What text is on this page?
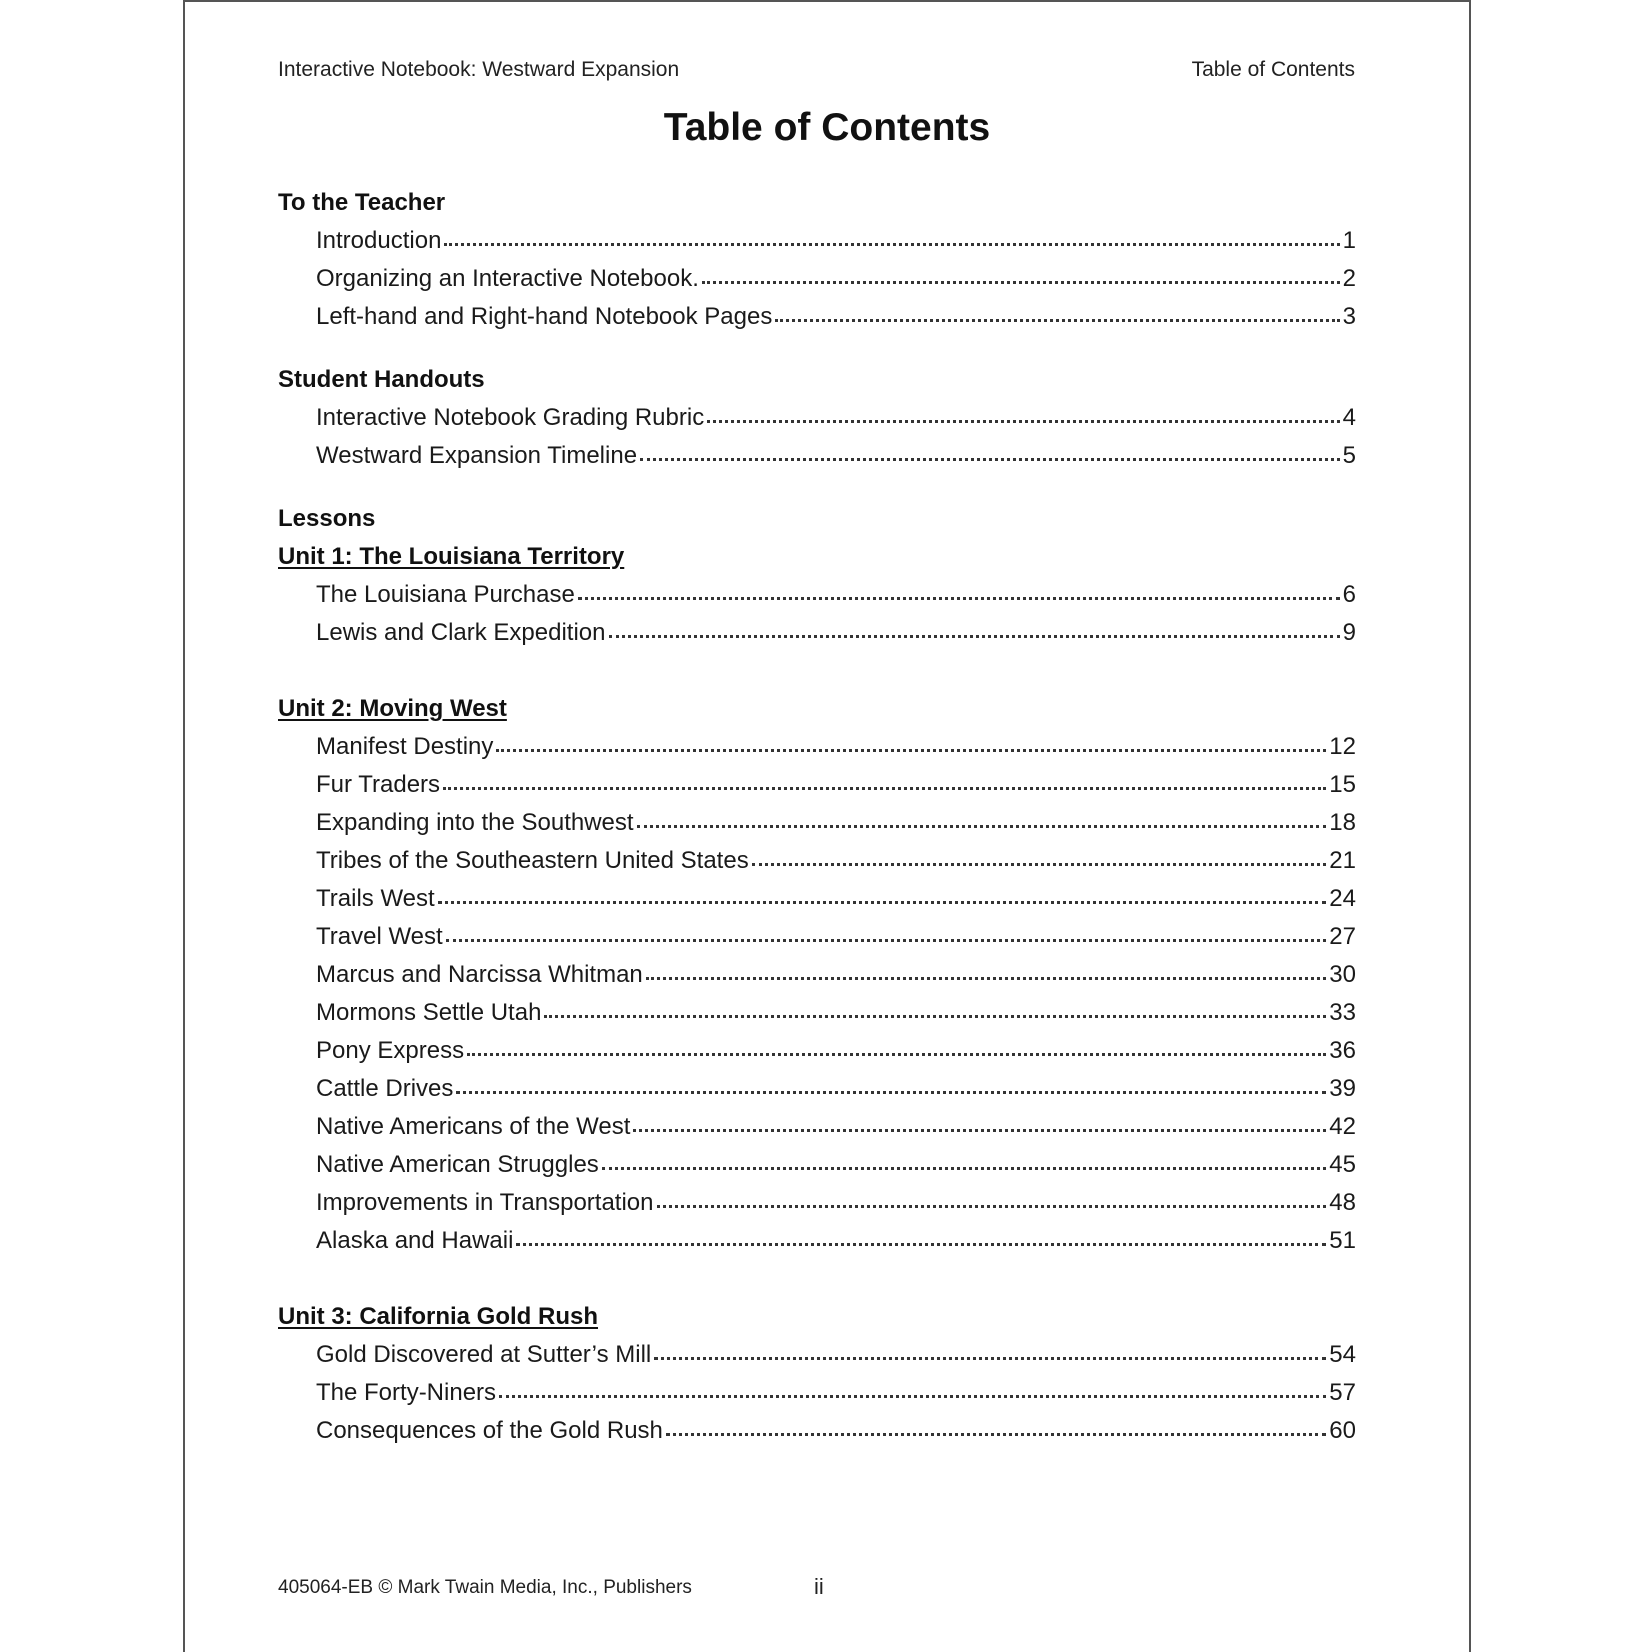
Interactive Notebook: Westward Expansion	Table of Contents
Table of Contents
To the Teacher
Introduction	1
Organizing an Interactive Notebook.	2
Left-hand and Right-hand Notebook Pages	3
Student Handouts
Interactive Notebook Grading Rubric	4
Westward Expansion Timeline	5
Lessons
Unit 1: The Louisiana Territory
The Louisiana Purchase	6
Lewis and Clark Expedition	9
Unit 2: Moving West
Manifest Destiny	12
Fur Traders	15
Expanding into the Southwest	18
Tribes of the Southeastern United States	21
Trails West	24
Travel West	27
Marcus and Narcissa Whitman	30
Mormons Settle Utah	33
Pony Express	36
Cattle Drives	39
Native Americans of the West	42
Native American Struggles	45
Improvements in Transportation	48
Alaska and Hawaii	51
Unit 3: California Gold Rush
Gold Discovered at Sutter’s Mill	54
The Forty-Niners	57
Consequences of the Gold Rush	60
405064-EB © Mark Twain Media, Inc., Publishers	ii
